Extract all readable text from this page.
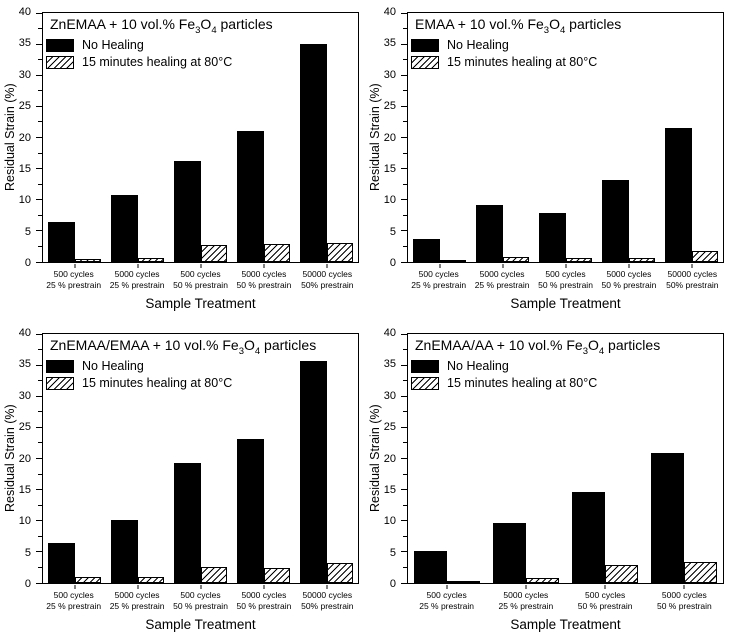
Residual Strain (%)
0
5
10
15
20
25
30
35
40
ZnEMAA + 10 vol.% $Fe_3O_4$ particles
No Healing
15 minutes healing at 80°C
500 cycles
25 % prestrain
5000 cycles
25 % prestrain
500 cycles
50 % prestrain
5000 cycles
50 % prestrain
50000 cycles
50% prestrain
Sample Treatment
Residual Strain (%)
0
5
10
15
20
25
30
35
40
EMAA + 10 vol.% $Fe_3O_4$ particles
No Healing
15 minutes healing at 80°C
500 cycles
25 % prestrain
5000 cycles
25 % prestrain
500 cycles
50 % prestrain
5000 cycles
50 % prestrain
50000 cycles
50% prestrain
Sample Treatment
Residual Strain (%)
0
5
10
15
20
25
30
35
40
ZnEMAA/EMAA + 10 vol.% $Fe_3O_4$ particles
No Healing
15 minutes healing at 80°C
500 cycles
25 % prestrain
5000 cycles
25 % prestrain
500 cycles
50 % prestrain
5000 cycles
50 % prestrain
50000 cycles
50% prestrain
Sample Treatment
Residual Strain (%)
0
5
10
15
20
25
30
35
40
ZnEMAA/AA + 10 vol.% $Fe_3O_4$ particles
No Healing
15 minutes healing at 80°C
500 cycles
25 % prestrain
5000 cycles
25 % prestrain
500 cycles
50 % prestrain
5000 cycles
50 % prestrain
Sample Treatment
